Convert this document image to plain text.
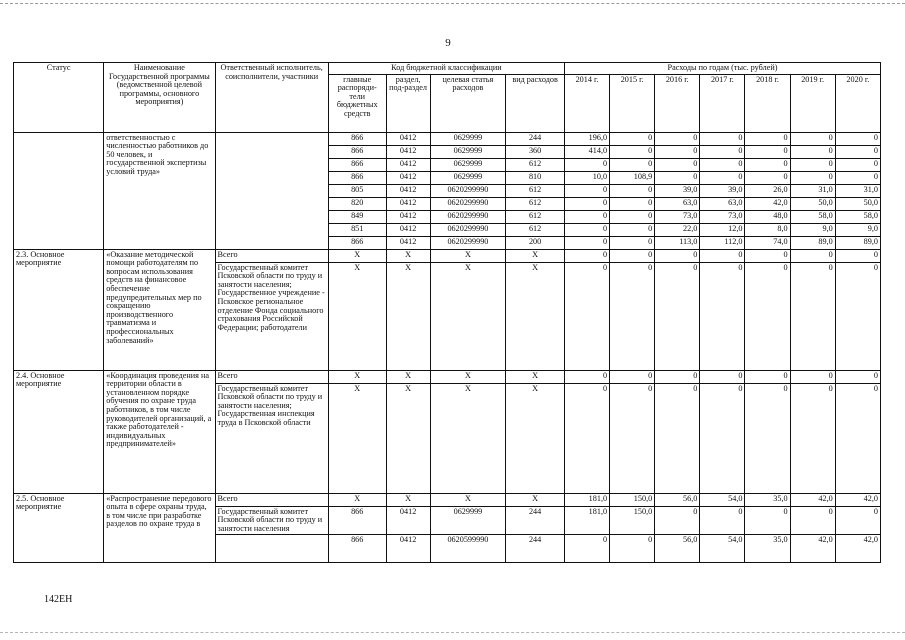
9
Статус	Наименование Государственной программы (ведомственной целевой программы, основного мероприятия)	Ответственный исполнитель, соисполнители, участники	Код бюджетной классификации				Расходы по годам (тыс. рублей)						
			главные распоряди-тели бюджетных средств	раздел, под-раздел	целевая статья расходов	вид расходов	2014 г.	2015 г.	2016 г.	2017 г.	2018 г.	2019 г.	2020 г.
	ответственностью с численностью работников до 50 человек, и государственной экспертизы условий труда»		866	0412	0629999	244	196,0	0	0	0	0	0	0
			866	0412	0629999	360	414,0	0	0	0	0	0	0
			866	0412	0629999	612	0	0	0	0	0	0	0
			866	0412	0629999	810	10,0	108,9	0	0	0	0	0
			805	0412	0620299990	612	0	0	39,0	39,0	26,0	31,0	31,0
			820	0412	0620299990	612	0	0	63,0	63,0	42,0	50,0	50,0
			849	0412	0620299990	612	0	0	73,0	73,0	48,0	58,0	58,0
			851	0412	0620299990	612	0	0	22,0	12,0	8,0	9,0	9,0
			866	0412	0620299990	200	0	0	113,0	112,0	74,0	89,0	89,0
2.3. Основное мероприятие	«Оказание методической помощи работодателям по вопросам использования средств на финансовое обеспечение предупредительных мер по сокращению производственного травматизма и профессиональных заболеваний»	Всего	X	X	X	X	0	0	0	0	0	0	0
		Государственный комитет Псковской области по труду и занятости населения; Государственное учреждение - Псковское региональное отделение Фонда социального страхования Российской Федерации; работодатели	X	X	X	X	0	0	0	0	0	0	0
2.4. Основное мероприятие	«Координация проведения на территории области в установленном порядке обучения по охране труда работников, в том числе руководителей организаций, а также работодателей - индивидуальных предпринимателей»	Всего	X	X	X	X	0	0	0	0	0	0	0
		Государственный комитет Псковской области по труду и занятости населения; Государственная инспекция труда в Псковской области	X	X	X	X	0	0	0	0	0	0	0
2.5. Основное мероприятие	«Распространение передового опыта в сфере охраны труда, в том числе при разработке разделов по охране труда в	Всего	X	X	X	X	181,0	150,0	56,0	54,0	35,0	42,0	42,0
		Государственный комитет Псковской области по труду и занятости населения	866	0412	0629999	244	181,0	150,0	0	0	0	0	0
			866	0412	0620599990	244	0	0	56,0	54,0	35,0	42,0	42,0
142EH
